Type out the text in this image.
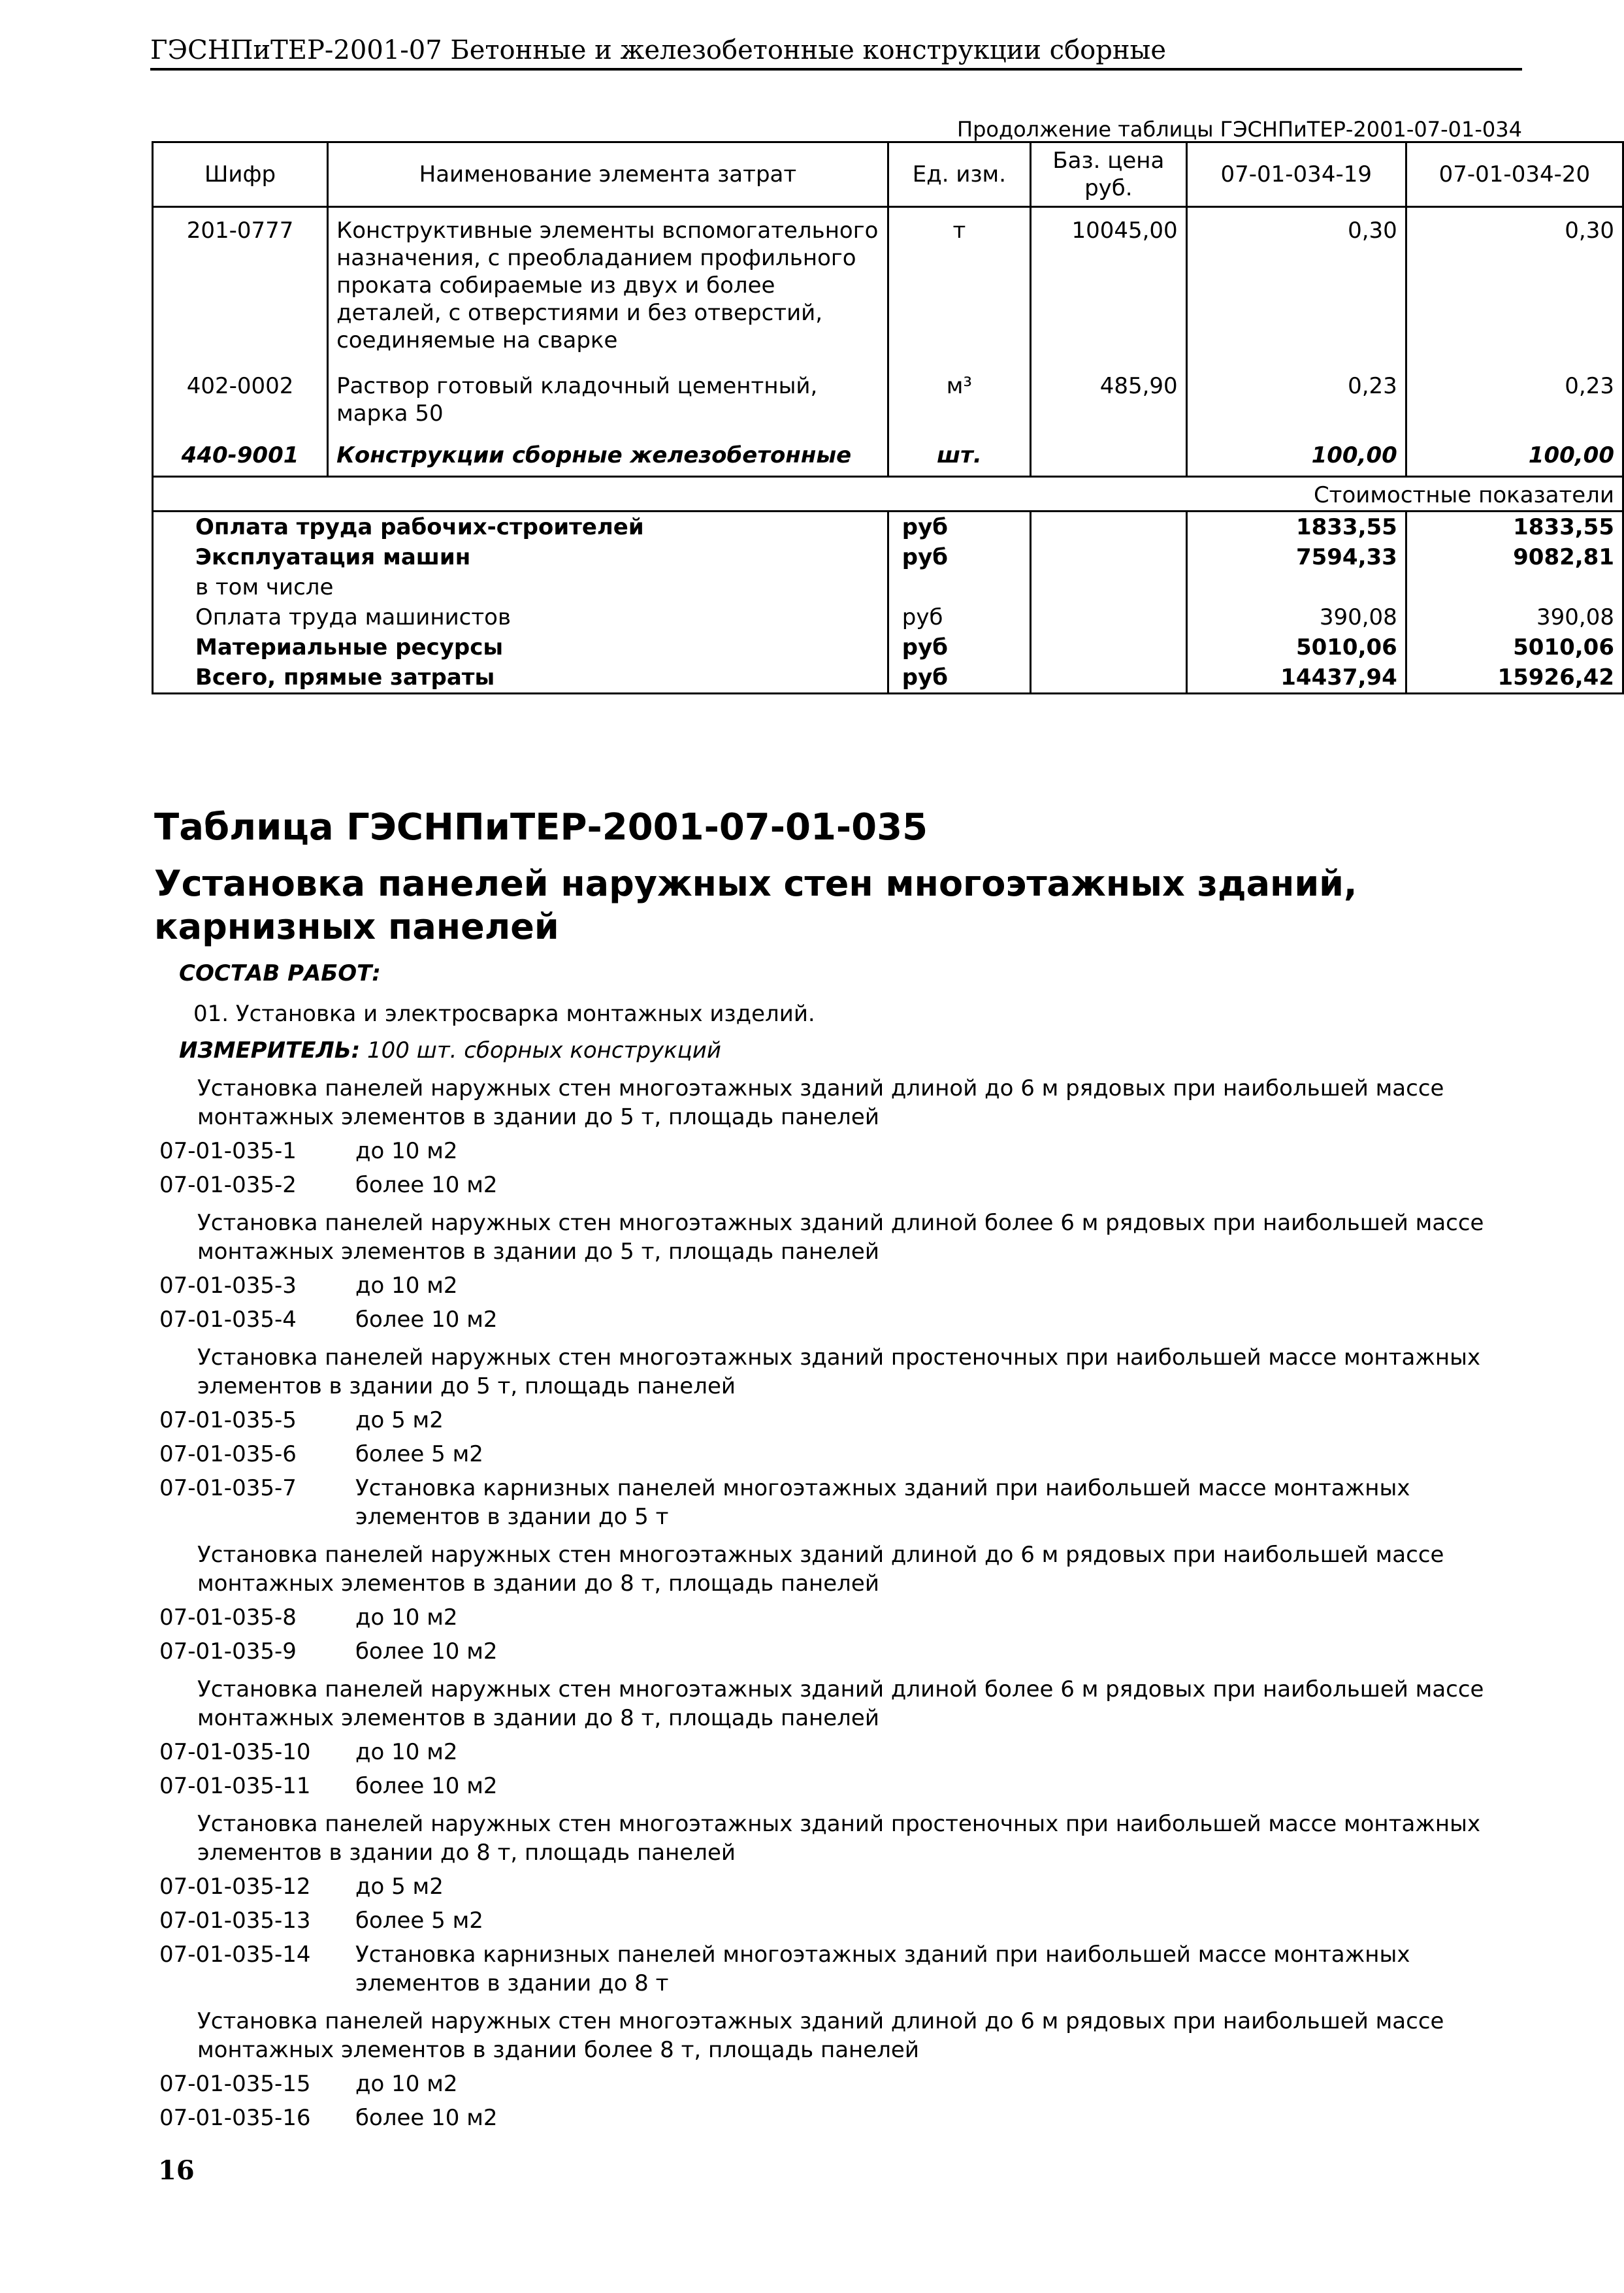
ГЭСНПиТЕР-2001-07 Бетонные и железобетонные конструкции сборные
Продолжение таблицы ГЭСНПиТЕР-2001-07-01-034
Шифр	Наименование элемента затрат	Ед. изм.	Баз. цена руб.	07-01-034-19	07-01-034-20
201-0777	Конструктивные элементы вспомогательного назначения, с преобладанием профильного проката собираемые из двух и более деталей, с отверстиями и без отверстий, соединяемые на сварке	т	10045,00	0,30	0,30
402-0002	Раствор готовый кладочный цементный, марка 50	м³	485,90	0,23	0,23
440-9001	Конструкции сборные железобетонные	шт.		100,00	100,00
Стоимостные показатели					
Оплата труда рабочих-строителей		руб		1833,55	1833,55
Эксплуатация машин		руб		7594,33	9082,81
в том числе					
Оплата труда машинистов		руб		390,08	390,08
Материальные ресурсы		руб		5010,06	5010,06
Всего, прямые затраты		руб		14437,94	15926,42
Таблица ГЭСНПиТЕР-2001-07-01-035
Установка панелей наружных стен многоэтажных зданий, карнизных панелей
СОСТАВ РАБОТ:
01. Установка и электросварка монтажных изделий.
ИЗМЕРИТЕЛЬ: 100 шт. сборных конструкций
Установка панелей наружных стен многоэтажных зданий длиной до 6 м рядовых при наибольшей массе монтажных элементов в здании до 5 т, площадь панелей
07-01-035-1	до 10 м2
07-01-035-2	более 10 м2
Установка панелей наружных стен многоэтажных зданий длиной более 6 м рядовых при наибольшей массе монтажных элементов в здании до 5 т, площадь панелей
07-01-035-3	до 10 м2
07-01-035-4	более 10 м2
Установка панелей наружных стен многоэтажных зданий простеночных при наибольшей массе монтажных элементов в здании до 5 т, площадь панелей
07-01-035-5	до 5 м2
07-01-035-6	более 5 м2
07-01-035-7	Установка карнизных панелей многоэтажных зданий при наибольшей массе монтажных элементов в здании до 5 т
Установка панелей наружных стен многоэтажных зданий длиной до 6 м рядовых при наибольшей массе монтажных элементов в здании до 8 т, площадь панелей
07-01-035-8	до 10 м2
07-01-035-9	более 10 м2
Установка панелей наружных стен многоэтажных зданий длиной более 6 м рядовых при наибольшей массе монтажных элементов в здании до 8 т, площадь панелей
07-01-035-10	до 10 м2
07-01-035-11	более 10 м2
Установка панелей наружных стен многоэтажных зданий простеночных при наибольшей массе монтажных элементов в здании до 8 т, площадь панелей
07-01-035-12	до 5 м2
07-01-035-13	более 5 м2
07-01-035-14	Установка карнизных панелей многоэтажных зданий при наибольшей массе монтажных элементов в здании до 8 т
Установка панелей наружных стен многоэтажных зданий длиной до 6 м рядовых при наибольшей массе монтажных элементов в здании более 8 т, площадь панелей
07-01-035-15	до 10 м2
07-01-035-16	более 10 м2
16
